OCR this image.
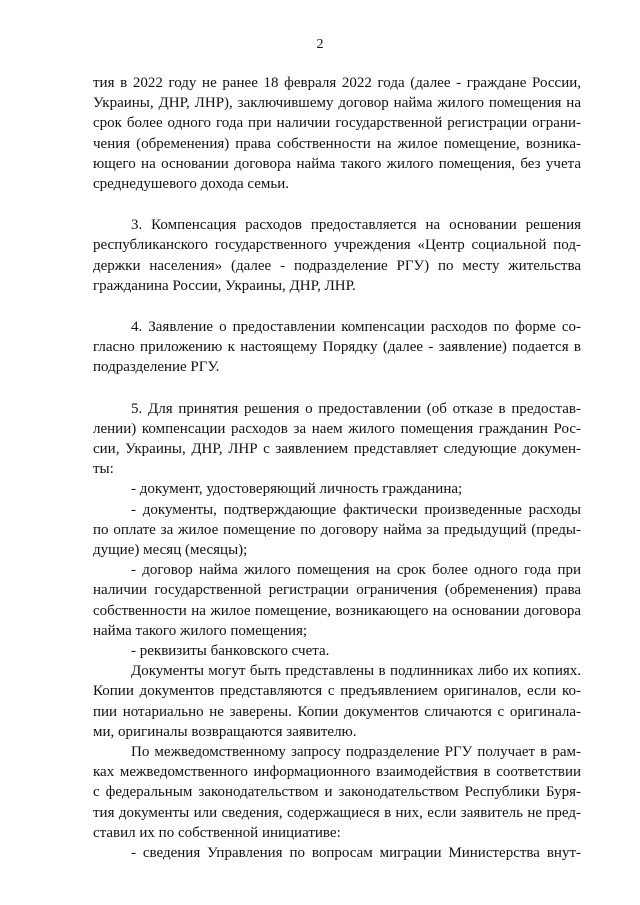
2
тия в 2022 году не ранее 18 февраля 2022 года (далее - граждане России,
Украины, ДНР, ЛНР), заключившему договор найма жилого помещения на
срок более одного года при наличии государственной регистрации ограни-
чения (обременения) права собственности на жилое помещение, возника-
ющего на основании договора найма такого жилого помещения, без учета
среднедушевого дохода семьи.
3. Компенсация расходов предоставляется на основании решения
республиканского государственного учреждения «Центр социальной под-
держки населения» (далее - подразделение РГУ) по месту жительства
гражданина России, Украины, ДНР, ЛНР.
4. Заявление о предоставлении компенсации расходов по форме со-
гласно приложению к настоящему Порядку (далее - заявление) подается в
подразделение РГУ.
5. Для принятия решения о предоставлении (об отказе в предостав-
лении) компенсации расходов за наем жилого помещения гражданин Рос-
сии, Украины, ДНР, ЛНР с заявлением представляет следующие докумен-
ты:
- документ, удостоверяющий личность гражданина;
- документы, подтверждающие фактически произведенные расходы
по оплате за жилое помещение по договору найма за предыдущий (преды-
дущие) месяц (месяцы);
- договор найма жилого помещения на срок более одного года при
наличии государственной регистрации ограничения (обременения) права
собственности на жилое помещение, возникающего на основании договора
найма такого жилого помещения;
- реквизиты банковского счета.
Документы могут быть представлены в подлинниках либо их копиях.
Копии документов представляются с предъявлением оригиналов, если ко-
пии нотариально не заверены. Копии документов сличаются с оригинала-
ми, оригиналы возвращаются заявителю.
По межведомственному запросу подразделение РГУ получает в рам-
ках межведомственного информационного взаимодействия в соответствии
с федеральным законодательством и законодательством Республики Буря-
тия документы или сведения, содержащиеся в них, если заявитель не пред-
ставил их по собственной инициативе:
- сведения Управления по вопросам миграции Министерства внут-
